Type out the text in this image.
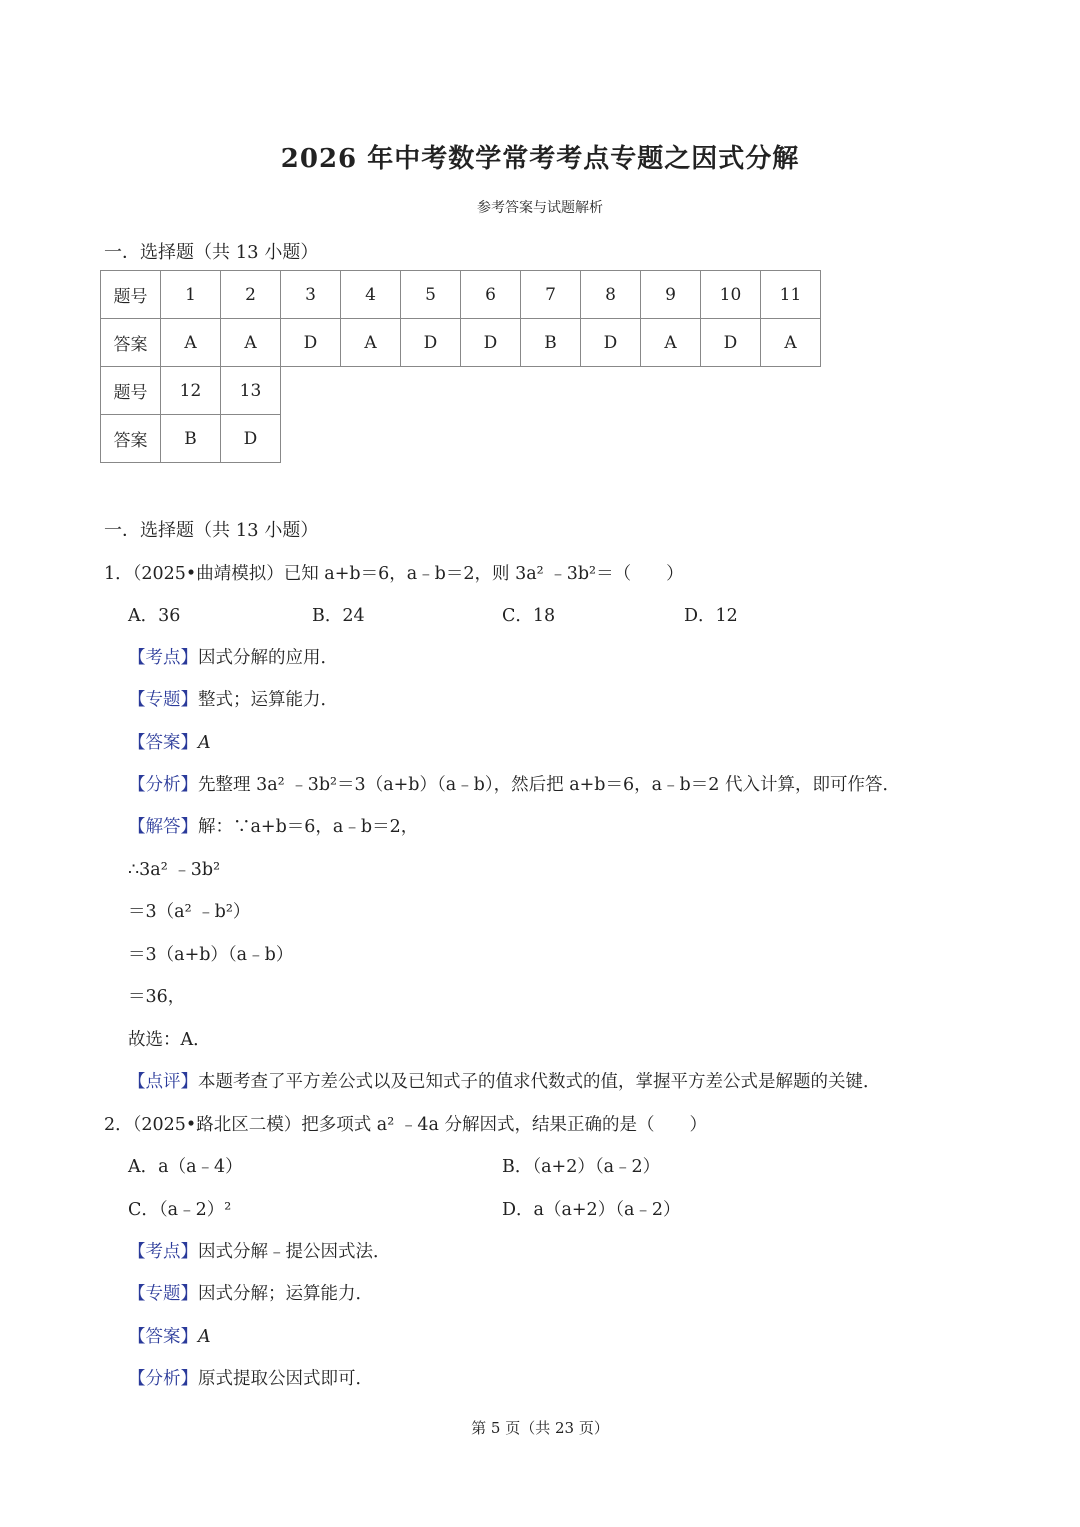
2026 年中考数学常考考点专题之因式分解
参考答案与试题解析
一．选择题（共 13 小题）
题号	1	2	3	4	5	6	7	8	9	10	11
答案	A	A	D	A	D	D	B	D	A	D	A
题号	12	13									
答案	B	D									
一．选择题（共 13 小题）
1．（2025•曲靖模拟）已知 a+b＝6，a﹣b＝2，则 3a² ﹣3b²＝（　　）
A．36	B．24	C．18	D．12
【考点】因式分解的应用．
【专题】整式；运算能力．
【答案】A
【分析】先整理 3a² ﹣3b²＝3（a+b）（a﹣b），然后把 a+b＝6，a﹣b＝2 代入计算，即可作答．
【解答】解：∵a+b＝6，a﹣b＝2，
∴3a² ﹣3b²
＝3（a² ﹣b²）
＝3（a+b）（a﹣b）
＝36，
故选：A．
【点评】本题考查了平方差公式以及已知式子的值求代数式的值，掌握平方差公式是解题的关键．
2．（2025•路北区二模）把多项式 a² ﹣4a 分解因式，结果正确的是（　　）
A．a（a﹣4）	B．（a+2）（a﹣2）
C．（a﹣2）²	D．a（a+2）（a﹣2）
【考点】因式分解﹣提公因式法．
【专题】因式分解；运算能力．
【答案】A
【分析】原式提取公因式即可．
第 5 页（共 23 页）
